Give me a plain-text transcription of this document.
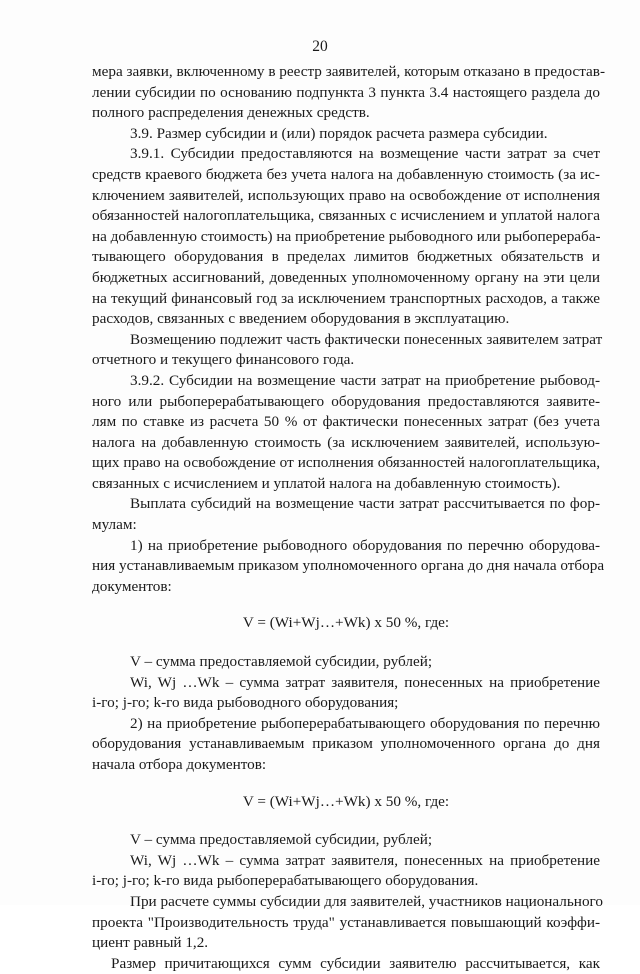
20
мера заявки, включенному в реестр заявителей, которым отказано в предостав-
лении субсидии по основанию подпункта 3 пункта 3.4 настоящего раздела до
полного распределения денежных средств.
3.9. Размер субсидии и (или) порядок расчета размера субсидии.
3.9.1. Субсидии предоставляются на возмещение части затрат за счет
средств краевого бюджета без учета налога на добавленную стоимость (за ис-
ключением заявителей, использующих право на освобождение от исполнения
обязанностей налогоплательщика, связанных с исчислением и уплатой налога
на добавленную стоимость) на приобретение рыбоводного или рыбоперераба-
тывающего оборудования в пределах лимитов бюджетных обязательств и
бюджетных ассигнований, доведенных уполномоченному органу на эти цели
на текущий финансовый год за исключением транспортных расходов, а также
расходов, связанных с введением оборудования в эксплуатацию.
Возмещению подлежит часть фактически понесенных заявителем затрат
отчетного и текущего финансового года.
3.9.2. Субсидии на возмещение части затрат на приобретение рыбовод-
ного или рыбоперерабатывающего оборудования предоставляются заявите-
лям по ставке из расчета 50 % от фактически понесенных затрат (без учета
налога на добавленную стоимость (за исключением заявителей, использую-
щих право на освобождение от исполнения обязанностей налогоплательщика,
связанных с исчислением и уплатой налога на добавленную стоимость).
Выплата субсидий на возмещение части затрат рассчитывается по фор-
мулам:
1) на приобретение рыбоводного оборудования по перечню оборудова-
ния устанавливаемым приказом уполномоченного органа до дня начала отбора
документов:
V = (Wi+Wj…+Wk) х 50 %, где:
V – сумма предоставляемой субсидии, рублей;
Wi, Wj …Wk – сумма затрат заявителя, понесенных на приобретение
i-го; j-го; k-го вида рыбоводного оборудования;
2) на приобретение рыбоперерабатывающего оборудования по перечню
оборудования устанавливаемым приказом уполномоченного органа до дня
начала отбора документов:
V = (Wi+Wj…+Wk) х 50 %, где:
V – сумма предоставляемой субсидии, рублей;
Wi, Wj …Wk – сумма затрат заявителя, понесенных на приобретение
i-го; j-го; k-го вида рыбоперерабатывающего оборудования.
При расчете суммы субсидии для заявителей, участников национального
проекта "Производительность труда" устанавливается повышающий коэффи-
циент равный 1,2.
Размер причитающихся сумм субсидии заявителю рассчитывается, как
